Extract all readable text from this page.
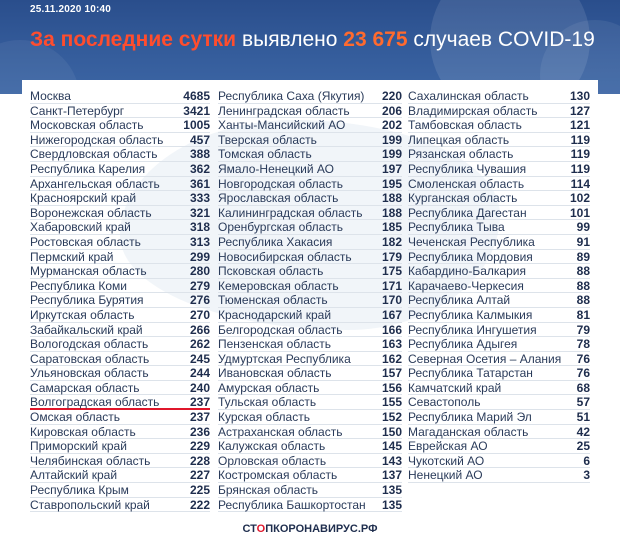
25.11.2020 10:40
За последние сутки выявлено 23 675 случаев COVID-19
Москва	4685
Санкт-Петербург	3421
Московская область	1005
Нижегородская область 457
Свердловская область	388
Республика Карелия	362
Архангельская область	361
Красноярский край	333
Воронежская область	321
Хабаровский край	318
Ростовская область	313
Пермский край	299
Мурманская область	280
Республика Коми	279
Республика Бурятия	276
Иркутская область	270
Забайкальский край	266
Вологодская область	262
Саратовская область	245
Ульяновская область	244
Самарская область	240
Волгоградская область	237
Омская область	237
Кировская область	236
Приморский край	229
Челябинская область	228
Алтайский край	227
Республика Крым	225
Ставропольский край	222
Республика Саха (Якутия) 220
Ленинградская область	206
Ханты-Мансийский АО	202
Тверская область	199
Томская область	199
Ямало-Ненецкий АО	197
Новгородская область	195
Ярославская область	188
Калининградская область 188
Оренбургская область	185
Республика Хакасия	182
Новосибирская область	179
Псковская область	175
Кемеровская область	171
Тюменская область	170
Краснодарский край	167
Белгородская область	166
Пензенская область	163
Удмуртская Республика	162
Ивановская область	157
Амурская область	156
Тульская область	155
Курская область	152
Астраханская область	150
Калужская область	145
Орловская область	143
Костромская область	137
Брянская область	135
Республика Башкортостан 135
Сахалинская область	130
Владимирская область	127
Тамбовская область	121
Липецкая область	119
Рязанская область	119
Республика Чувашия	119
Смоленская область	114
Курганская область	102
Республика Дагестан	101
Республика Тыва	99
Чеченская Республика	91
Республика Мордовия	89
Кабардино-Балкария	88
Карачаево-Черкесия	88
Республика Алтай	88
Республика Калмыкия	81
Республика Ингушетия	79
Республика Адыгея	78
Северная Осетия – Алания 76
Республика Татарстан	76
Камчатский край	68
Севастополь	57
Республика Марий Эл	51
Магаданская область	42
Еврейская АО	25
Чукотский АО	6
Ненецкий АО	3
СТОПКОРОНАВИРУС.РФ
